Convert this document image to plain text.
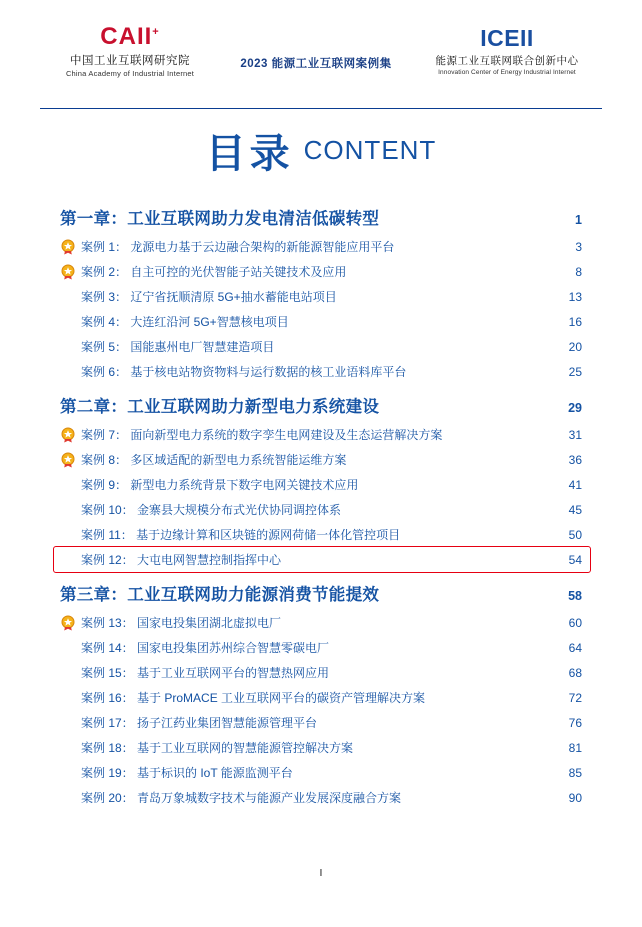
CAII+
中国工业互联网研究院
China Academy of Industrial Internet
2023 能源工业互联网案例集
ICEII
能源工业互联网联合创新中心
Innovation Center of Energy Industrial Internet
目录 CONTENT
第一章：工业互联网助力发电清洁低碳转型	1
案例 1： 龙源电力基于云边融合架构的新能源智能应用平台	3
案例 2： 自主可控的光伏智能子站关键技术及应用	8
案例 3： 辽宁省抚顺清原 5G+抽水蓄能电站项目	13
案例 4： 大连红沿河 5G+智慧核电项目	16
案例 5： 国能惠州电厂智慧建造项目	20
案例 6： 基于核电站物资物料与运行数据的核工业语料库平台	25
第二章：工业互联网助力新型电力系统建设	29
案例 7： 面向新型电力系统的数字孪生电网建设及生态运营解决方案	31
案例 8： 多区域适配的新型电力系统智能运维方案	36
案例 9： 新型电力系统背景下数字电网关键技术应用	41
案例 10： 金寨县大规模分布式光伏协同调控体系	45
案例 11： 基于边缘计算和区块链的源网荷储一体化管控项目	50
案例 12： 大屯电网智慧控制指挥中心	54
第三章：工业互联网助力能源消费节能提效	58
案例 13： 国家电投集团湖北虚拟电厂	60
案例 14： 国家电投集团苏州综合智慧零碳电厂	64
案例 15： 基于工业互联网平台的智慧热网应用	68
案例 16： 基于 ProMACE 工业互联网平台的碳资产管理解决方案	72
案例 17： 扬子江药业集团智慧能源管理平台	76
案例 18： 基于工业互联网的智慧能源管控解决方案	81
案例 19： 基于标识的 IoT 能源监测平台	85
案例 20： 青岛万象城数字技术与能源产业发展深度融合方案	90
I
